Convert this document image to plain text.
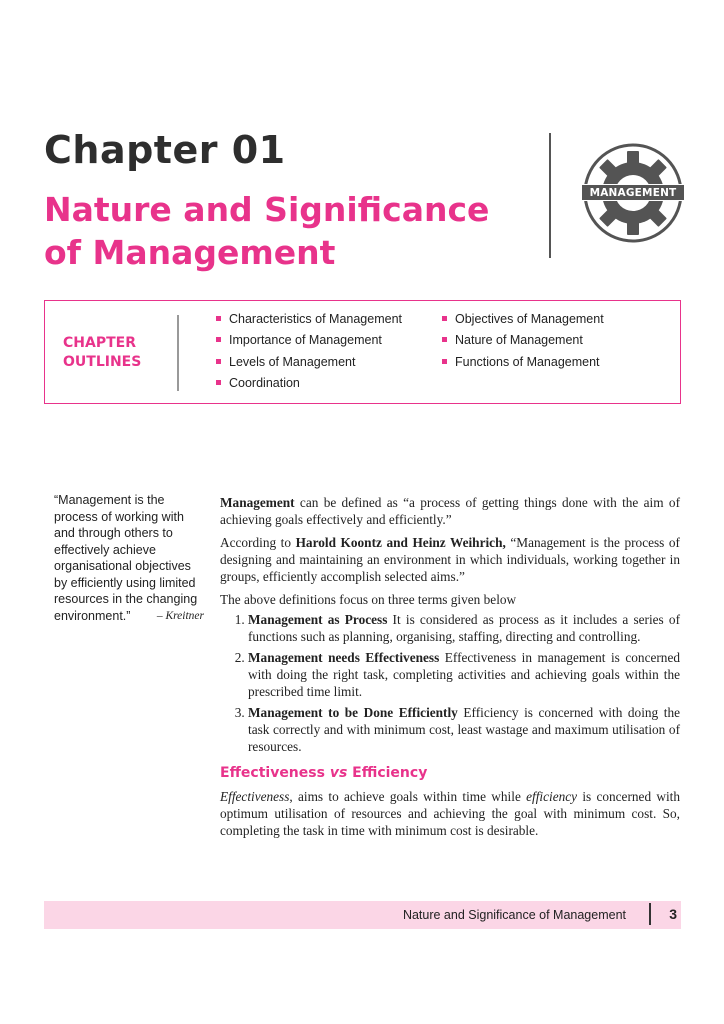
Chapter 01
Nature and Significance of Management
MANAGEMENT
CHAPTER
OUTLINES
Characteristics of Management	Objectives of Management
Importance of Management	Nature of Management
Levels of Management	Functions of Management
Coordination
“Management is the process of working with and through others to effectively achieve organisational objectives by efficiently using limited resources in the changing environment.” – Kreitner

Management can be defined as “a process of getting things done with the aim of achieving goals effectively and efficiently.”

According to Harold Koontz and Heinz Weihrich, “Management is the process of designing and maintaining an environment in which individuals, working together in groups, efficiently accomplish selected aims.”

The above definitions focus on three terms given below

1. Management as Process It is considered as process as it includes a series of functions such as planning, organising, staffing, directing and controlling.
2. Management needs Effectiveness Effectiveness in management is concerned with doing the right task, completing activities and achieving goals within the prescribed time limit.
3. Management to be Done Efficiently Efficiency is concerned with doing the task correctly and with minimum cost, least wastage and maximum utilisation of resources.
Effectiveness vs Efficiency

Effectiveness, aims to achieve goals within time while efficiency is concerned with optimum utilisation of resources and achieving the goal with minimum cost. So, completing the task in time with minimum cost is desirable.

Nature and Significance of Management	3
